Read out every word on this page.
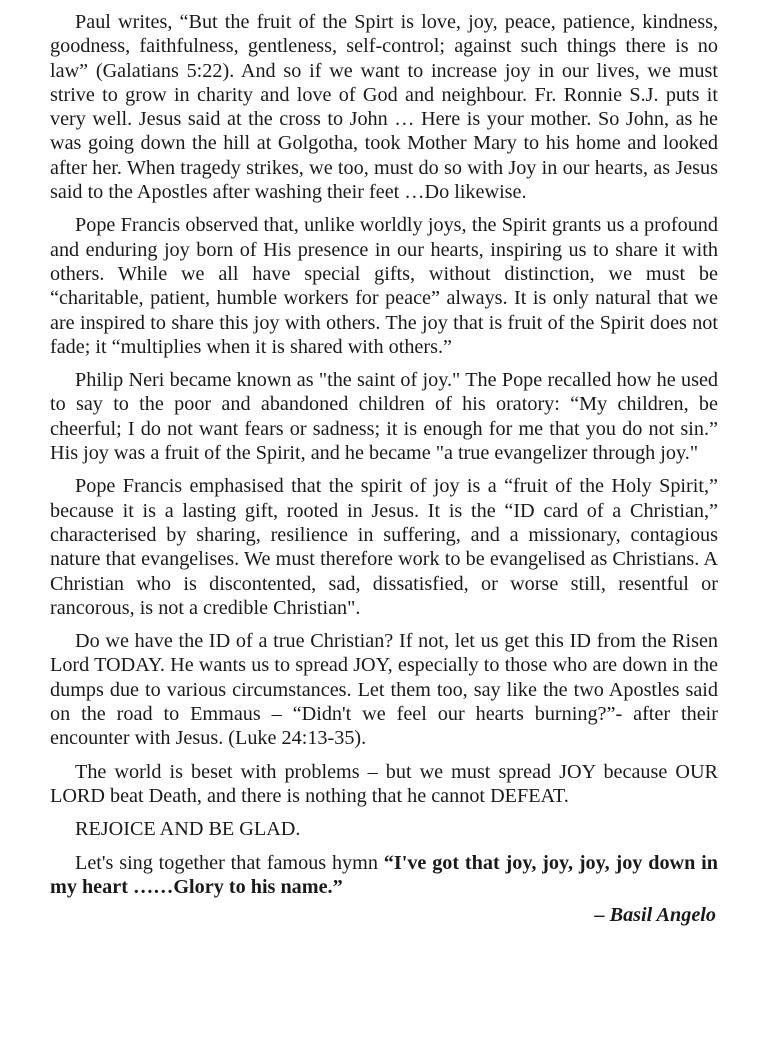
Paul writes, “But the fruit of the Spirt is love, joy, peace, patience, kindness, goodness, faithfulness, gentleness, self-control; against such things there is no law” (Galatians 5:22). And so if we want to increase joy in our lives, we must strive to grow in charity and love of God and neighbour. Fr. Ronnie S.J. puts it very well. Jesus said at the cross to John … Here is your mother. So John, as he was going down the hill at Golgotha, took Mother Mary to his home and looked after her. When tragedy strikes, we too, must do so with Joy in our hearts, as Jesus said to the Apostles after washing their feet …Do likewise.

Pope Francis observed that, unlike worldly joys, the Spirit grants us a profound and enduring joy born of His presence in our hearts, inspiring us to share it with others. While we all have special gifts, without distinction, we must be “charitable, patient, humble workers for peace” always. It is only natural that we are inspired to share this joy with others. The joy that is fruit of the Spirit does not fade; it “multiplies when it is shared with others.”

Philip Neri became known as "the saint of joy." The Pope recalled how he used to say to the poor and abandoned children of his oratory: “My children, be cheerful; I do not want fears or sadness; it is enough for me that you do not sin.” His joy was a fruit of the Spirit, and he became "a true evangelizer through joy."

Pope Francis emphasised that the spirit of joy is a “fruit of the Holy Spirit,” because it is a lasting gift, rooted in Jesus. It is the “ID card of a Christian,” characterised by sharing, resilience in suffering, and a missionary, contagious nature that evangelises. We must therefore work to be evangelised as Christians. A Christian who is discontented, sad, dissatisfied, or worse still, resentful or rancorous, is not a credible Christian".

Do we have the ID of a true Christian? If not, let us get this ID from the Risen Lord TODAY. He wants us to spread JOY, especially to those who are down in the dumps due to various circumstances. Let them too, say like the two Apostles said on the road to Emmaus – “Didn't we feel our hearts burning?”- after their encounter with Jesus. (Luke 24:13-35).

The world is beset with problems – but we must spread JOY because OUR LORD beat Death, and there is nothing that he cannot DEFEAT.

REJOICE AND BE GLAD.

Let's sing together that famous hymn “I've got that joy, joy, joy, joy down in my heart ……Glory to his name.”

– Basil Angelo
